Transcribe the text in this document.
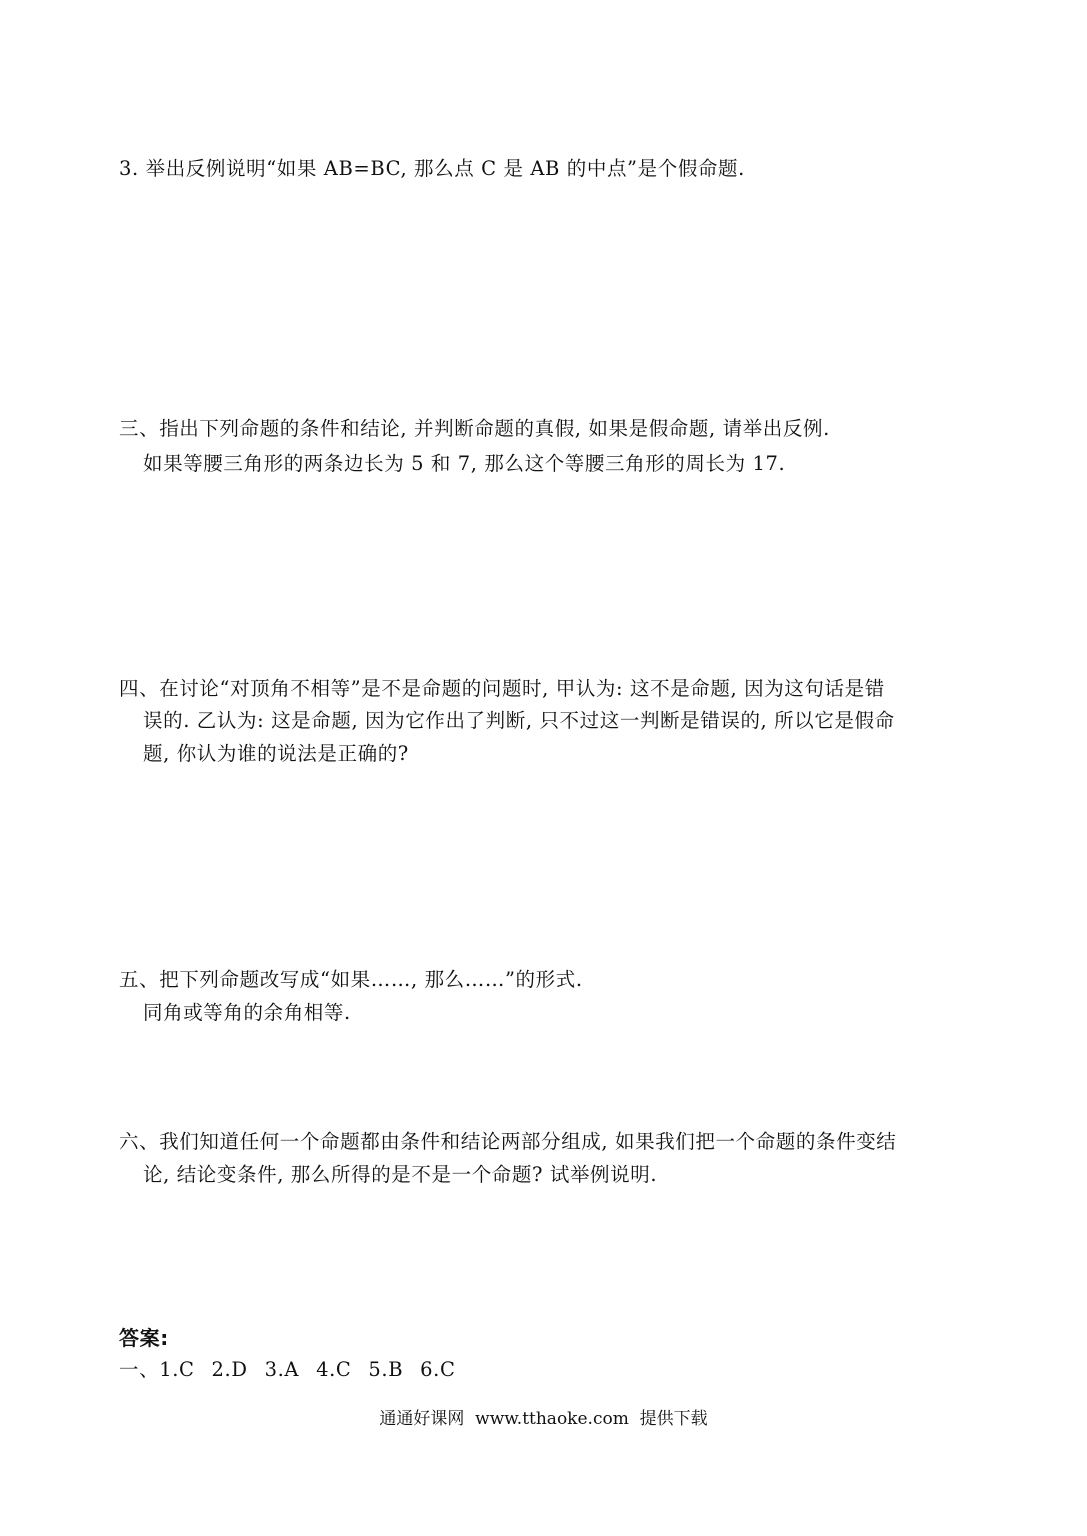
3. 举出反例说明“如果 AB=BC, 那么点 C 是 AB 的中点”是个假命题.
三、指出下列命题的条件和结论, 并判断命题的真假, 如果是假命题, 请举出反例.
如果等腰三角形的两条边长为 5 和 7, 那么这个等腰三角形的周长为 17.
四、在讨论“对顶角不相等”是不是命题的问题时, 甲认为: 这不是命题, 因为这句话是错
误的. 乙认为: 这是命题, 因为它作出了判断, 只不过这一判断是错误的, 所以它是假命
题, 你认为谁的说法是正确的?
五、把下列命题改写成“如果……, 那么……”的形式.
同角或等角的余角相等.
六、我们知道任何一个命题都由条件和结论两部分组成, 如果我们把一个命题的条件变结
论, 结论变条件, 那么所得的是不是一个命题? 试举例说明.
答案:
一、1.C 2.D 3.A 4.C 5.B 6.C
通通好课网 www.tthaoke.com 提供下载
